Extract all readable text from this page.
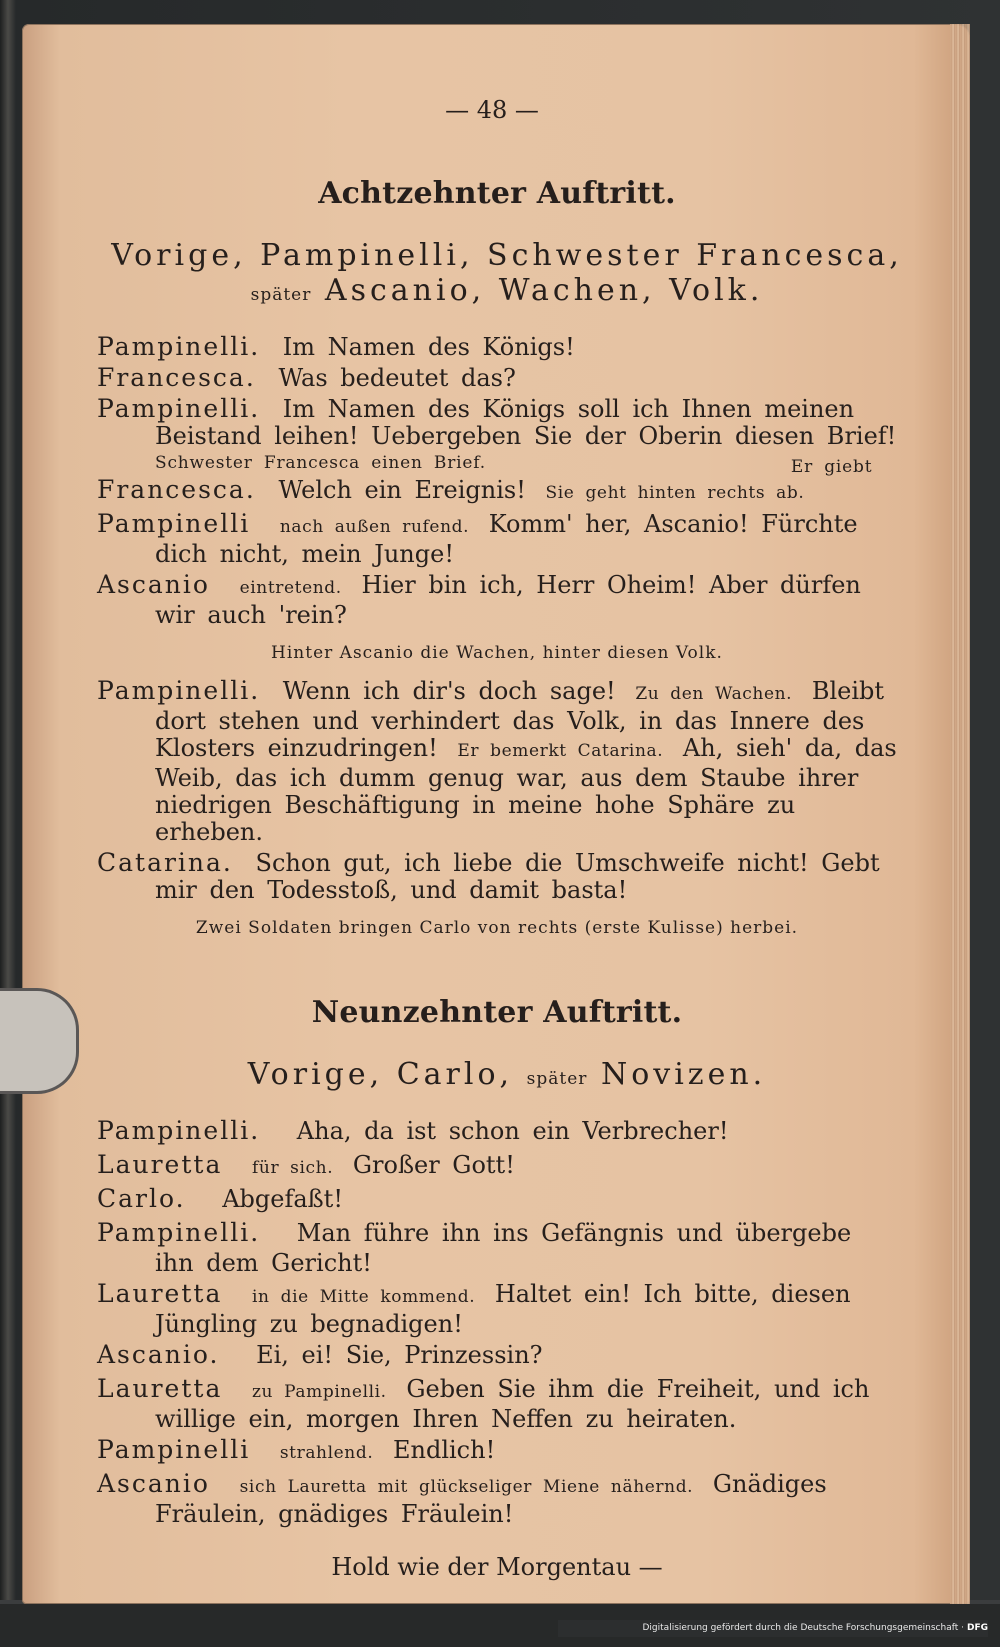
— 48 —
Achtzehnter Auftritt.
Vorige, Pampinelli, Schwester Francesca,
später Ascanio, Wachen, Volk.

Pampinelli. Im Namen des Königs!

Francesca. Was bedeutet das?

Pampinelli. Im Namen des Königs soll ich Ihnen meinen Beistand leihen! Uebergeben Sie der Oberin diesen Brief!
Er giebt
Schwester Francesca einen Brief.

Francesca. Welch ein Ereignis! Sie geht hinten rechts ab.

Pampinelli nach außen rufend. Komm' her, Ascanio! Fürchte dich nicht, mein Junge!

Ascanio eintretend. Hier bin ich, Herr Oheim! Aber dürfen wir auch 'rein?

Hinter Ascanio die Wachen, hinter diesen Volk.

Pampinelli. Wenn ich dir's doch sage! Zu den Wachen. Bleibt dort stehen und verhindert das Volk, in das Innere des Klosters einzudringen! Er bemerkt Catarina. Ah, sieh' da, das Weib, das ich dumm genug war, aus dem Staube ihrer niedrigen Beschäftigung in meine hohe Sphäre zu erheben.

Catarina. Schon gut, ich liebe die Umschweife nicht! Gebt mir den Todesstoß, und damit basta!

Zwei Soldaten bringen Carlo von rechts (erste Kulisse) herbei.

Neunzehnter Auftritt.
Vorige, Carlo, später Novizen.

Pampinelli. Aha, da ist schon ein Verbrecher!

Lauretta für sich. Großer Gott!

Carlo. Abgefaßt!

Pampinelli. Man führe ihn ins Gefängnis und übergebe ihn dem Gericht!

Lauretta in die Mitte kommend. Haltet ein! Ich bitte, diesen Jüngling zu begnadigen!

Ascanio. Ei, ei! Sie, Prinzessin?

Lauretta zu Pampinelli. Geben Sie ihm die Freiheit, und ich willige ein, morgen Ihren Neffen zu heiraten.

Pampinelli strahlend. Endlich!

Ascanio sich Lauretta mit glückseliger Miene nähernd. Gnädiges Fräulein, gnädiges Fräulein!

Hold wie der Morgentau —

Digitalisierung gefördert durch die Deutsche Forschungsgemeinschaft · DFG
